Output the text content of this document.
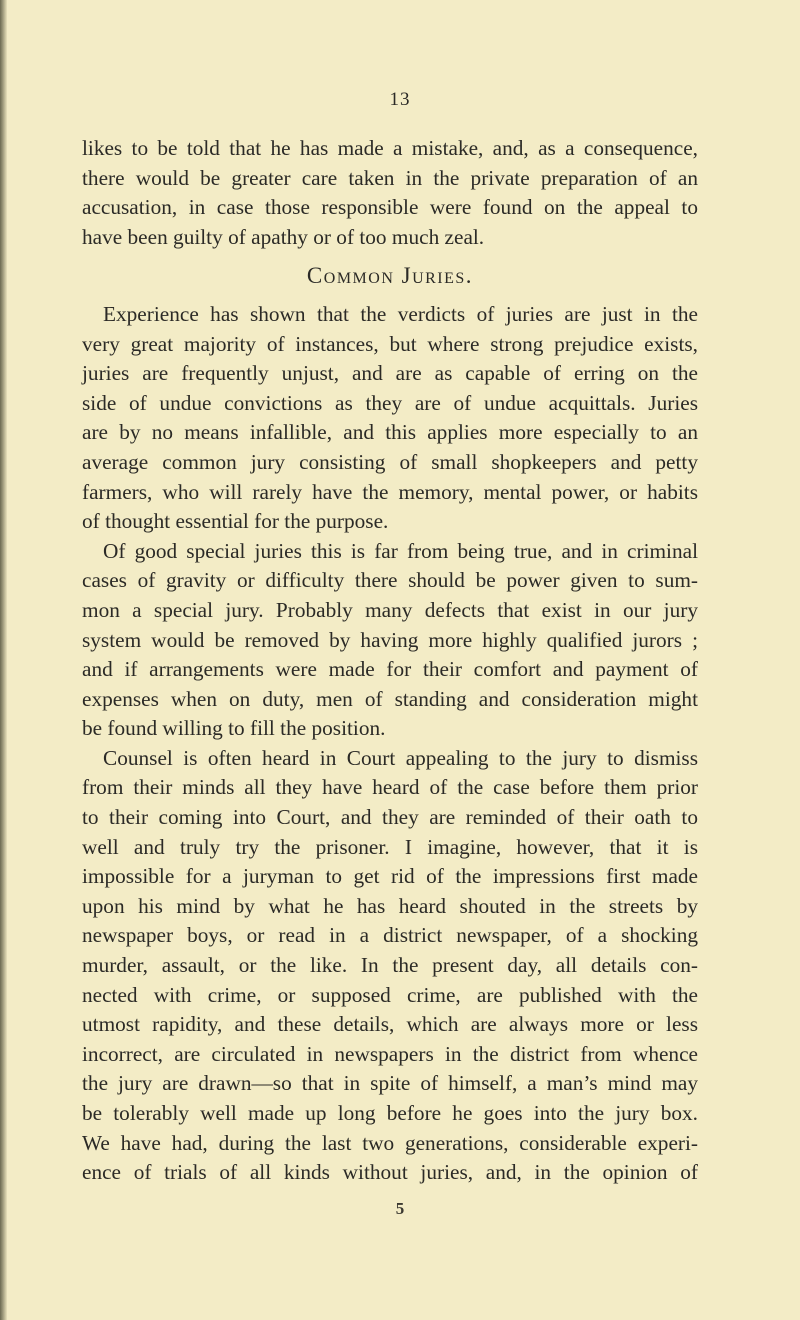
13
likes to be told that he has made a mistake, and, as a consequence,
there would be greater care taken in the private preparation of an
accusation, in case those responsible were found on the appeal to
have been guilty of apathy or of too much zeal.
Common Juries.
Experience has shown that the verdicts of juries are just in the
very great majority of instances, but where strong prejudice exists,
juries are frequently unjust, and are as capable of erring on the
side of undue convictions as they are of undue acquittals. Juries
are by no means infallible, and this applies more especially to an
average common jury consisting of small shopkeepers and petty
farmers, who will rarely have the memory, mental power, or habits
of thought essential for the purpose.
Of good special juries this is far from being true, and in criminal
cases of gravity or difficulty there should be power given to sum-
mon a special jury. Probably many defects that exist in our jury
system would be removed by having more highly qualified jurors ;
and if arrangements were made for their comfort and payment of
expenses when on duty, men of standing and consideration might
be found willing to fill the position.
Counsel is often heard in Court appealing to the jury to dismiss
from their minds all they have heard of the case before them prior
to their coming into Court, and they are reminded of their oath to
well and truly try the prisoner. I imagine, however, that it is
impossible for a juryman to get rid of the impressions first made
upon his mind by what he has heard shouted in the streets by
newspaper boys, or read in a district newspaper, of a shocking
murder, assault, or the like. In the present day, all details con-
nected with crime, or supposed crime, are published with the
utmost rapidity, and these details, which are always more or less
incorrect, are circulated in newspapers in the district from whence
the jury are drawn—so that in spite of himself, a man’s mind may
be tolerably well made up long before he goes into the jury box.
We have had, during the last two generations, considerable experi-
ence of trials of all kinds without juries, and, in the opinion of
5
